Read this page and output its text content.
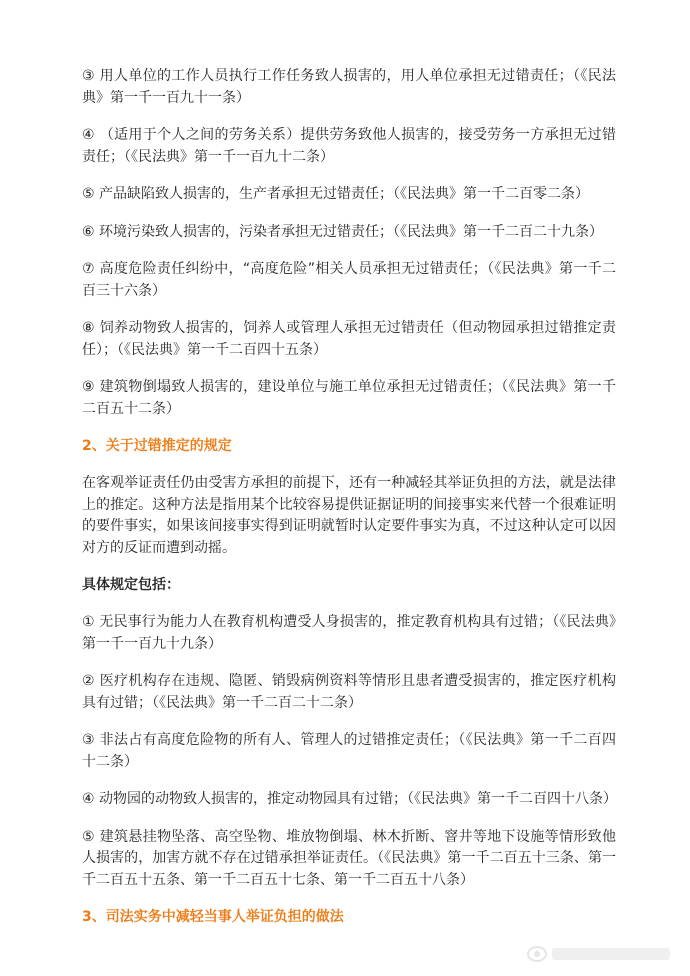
③ 用人单位的工作人员执行工作任务致人损害的，用人单位承担无过错责任；（《民法典》第一千一百九十一条）

④ （适用于个人之间的劳务关系）提供劳务致他人损害的，接受劳务一方承担无过错责任；（《民法典》第一千一百九十二条）

⑤ 产品缺陷致人损害的，生产者承担无过错责任；（《民法典》第一千二百零二条）

⑥ 环境污染致人损害的，污染者承担无过错责任；（《民法典》第一千二百二十九条）

⑦ 高度危险责任纠纷中，“高度危险”相关人员承担无过错责任；（《民法典》第一千二百三十六条）

⑧ 饲养动物致人损害的，饲养人或管理人承担无过错责任（但动物园承担过错推定责任）；（《民法典》第一千二百四十五条）

⑨ 建筑物倒塌致人损害的，建设单位与施工单位承担无过错责任；（《民法典》第一千二百五十二条）

2、关于过错推定的规定

在客观举证责任仍由受害方承担的前提下，还有一种减轻其举证负担的方法，就是法律上的推定。这种方法是指用某个比较容易提供证据证明的间接事实来代替一个很难证明的要件事实，如果该间接事实得到证明就暂时认定要件事实为真，不过这种认定可以因对方的反证而遭到动摇。

具体规定包括：

① 无民事行为能力人在教育机构遭受人身损害的，推定教育机构具有过错；（《民法典》第一千一百九十九条）

② 医疗机构存在违规、隐匿、销毁病例资料等情形且患者遭受损害的，推定医疗机构具有过错；（《民法典》第一千二百二十二条）

③ 非法占有高度危险物的所有人、管理人的过错推定责任；（《民法典》第一千二百四十二条）

④ 动物园的动物致人损害的，推定动物园具有过错；（《民法典》第一千二百四十八条）

⑤ 建筑悬挂物坠落、高空坠物、堆放物倒塌、林木折断、窨井等地下设施等情形致他人损害的，加害方就不存在过错承担举证责任。（《民法典》第一千二百五十三条、第一千二百五十五条、第一千二百五十七条、第一千二百五十八条）

3、司法实务中减轻当事人举证负担的做法
